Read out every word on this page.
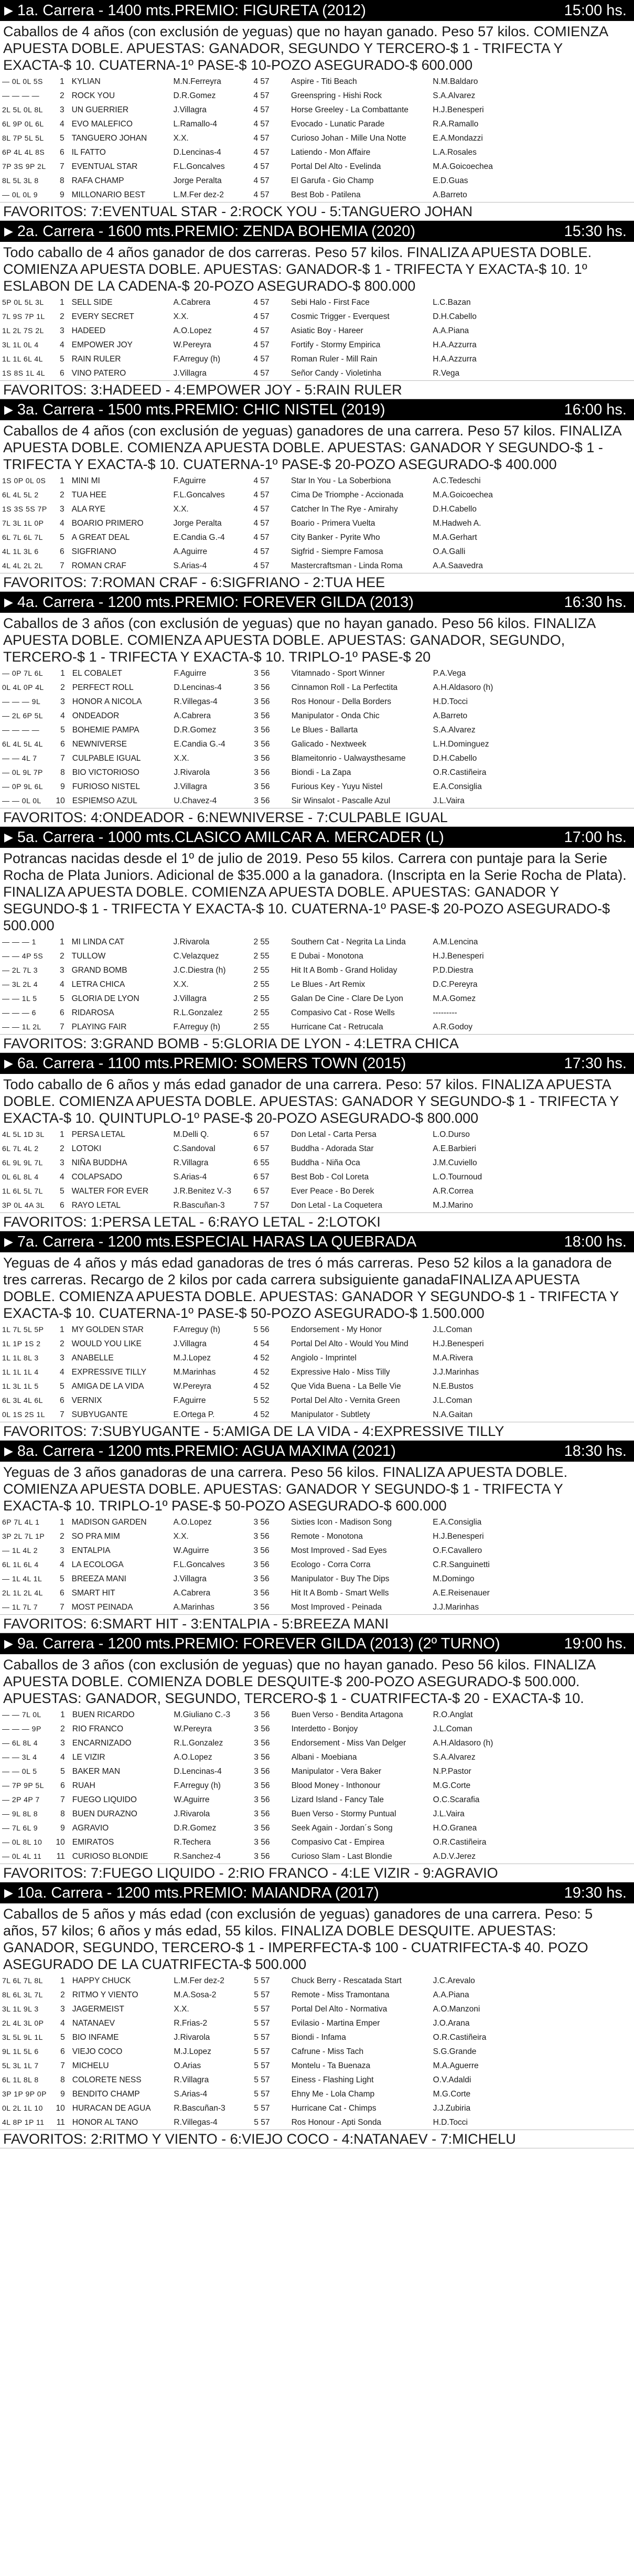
▶ 1a. Carrera - 1400 mts.PREMIO: FIGURETA (2012)	15:00 hs.
Caballos de 4 años (con exclusión de yeguas) que no hayan ganado. Peso 57 kilos. COMIENZA APUESTA DOBLE. APUESTAS: GANADOR, SEGUNDO Y TERCERO-$ 1 - TRIFECTA Y EXACTA-$ 10. CUATERNA-1º PASE-$ 10-POZO ASEGURADO-$ 600.000
— 0L 0L 5S	1	KYLIAN	M.N.Ferreyra	4 57	Aspire - Titi Beach	N.M.Baldaro
— — — —	2	ROCK YOU	D.R.Gomez	4 57	Greenspring - Hishi Rock	S.A.Alvarez
2L 5L 0L 8L	3	UN GUERRIER	J.Villagra	4 57	Horse Greeley - La Combattante	H.J.Benesperi
6L 9P 0L 6L	4	EVO MALEFICO	L.Ramallo-4	4 57	Evocado - Lunatic Parade	R.A.Ramallo
8L 7P 5L 5L	5	TANGUERO JOHAN	X.X.	4 57	Curioso Johan - Mille Una Notte	E.A.Mondazzi
6P 4L 4L 8S	6	IL FATTO	D.Lencinas-4	4 57	Latiendo - Mon Affaire	L.A.Rosales
7P 3S 9P 2L	7	EVENTUAL STAR	F.L.Goncalves	4 57	Portal Del Alto - Evelinda	M.A.Goicoechea
8L 5L 3L 8	8	RAFA CHAMP	Jorge Peralta	4 57	El Garufa - Gio Champ	E.D.Guas
— 0L 0L 9	9	MILLONARIO BEST	L.M.Fer dez-2	4 57	Best Bob - Patilena	A.Barreto
FAVORITOS: 7:EVENTUAL STAR - 2:ROCK YOU - 5:TANGUERO JOHAN
▶ 2a. Carrera - 1600 mts.PREMIO: ZENDA BOHEMIA (2020)	15:30 hs.
Todo caballo de 4 años ganador de dos carreras. Peso 57 kilos. FINALIZA APUESTA DOBLE. COMIENZA APUESTA DOBLE. APUESTAS: GANADOR-$ 1 - TRIFECTA Y EXACTA-$ 10. 1º ESLABON DE LA CADENA-$ 20-POZO ASEGURADO-$ 800.000
5P 0L 5L 3L	1	SELL SIDE	A.Cabrera	4 57	Sebi Halo - First Face	L.C.Bazan
7L 9S 7P 1L	2	EVERY SECRET	X.X.	4 57	Cosmic Trigger - Everquest	D.H.Cabello
1L 2L 7S 2L	3	HADEED	A.O.Lopez	4 57	Asiatic Boy - Hareer	A.A.Piana
3L 1L 0L 4	4	EMPOWER JOY	W.Pereyra	4 57	Fortify - Stormy Empirica	H.A.Azzurra
1L 1L 6L 4L	5	RAIN RULER	F.Arreguy (h)	4 57	Roman Ruler - Mill Rain	H.A.Azzurra
1S 8S 1L 4L	6	VINO PATERO	J.Villagra	4 57	Señor Candy - Violetinha	R.Vega
FAVORITOS: 3:HADEED - 4:EMPOWER JOY - 5:RAIN RULER
▶ 3a. Carrera - 1500 mts.PREMIO: CHIC NISTEL (2019)	16:00 hs.
Caballos de 4 años (con exclusión de yeguas) ganadores de una carrera. Peso 57 kilos. FINALIZA APUESTA DOBLE. COMIENZA APUESTA DOBLE. APUESTAS: GANADOR Y SEGUNDO-$ 1 - TRIFECTA Y EXACTA-$ 10. CUATERNA-1º PASE-$ 20-POZO ASEGURADO-$ 400.000
1S 0P 0L 0S	1	MINI MI	F.Aguirre	4 57	Star In You - La Soberbiona	A.C.Tedeschi
6L 4L 5L 2	2	TUA HEE	F.L.Goncalves	4 57	Cima De Triomphe - Accionada	M.A.Goicoechea
1S 3S 5S 7P	3	ALA RYE	X.X.	4 57	Catcher In The Rye - Amirahy	D.H.Cabello
7L 3L 1L 0P	4	BOARIO PRIMERO	Jorge Peralta	4 57	Boario - Primera Vuelta	M.Hadweh A.
6L 7L 6L 7L	5	A GREAT DEAL	E.Candia G.-4	4 57	City Banker - Pyrite Who	M.A.Gerhart
4L 1L 3L 6	6	SIGFRIANO	A.Aguirre	4 57	Sigfrid - Siempre Famosa	O.A.Galli
4L 4L 2L 2L	7	ROMAN CRAF	S.Arias-4	4 57	Mastercraftsman - Linda Roma	A.A.Saavedra
FAVORITOS: 7:ROMAN CRAF - 6:SIGFRIANO - 2:TUA HEE
▶ 4a. Carrera - 1200 mts.PREMIO: FOREVER GILDA (2013)	16:30 hs.
Caballos de 3 años (con exclusión de yeguas) que no hayan ganado. Peso 56 kilos. FINALIZA APUESTA DOBLE. COMIENZA APUESTA DOBLE. APUESTAS: GANADOR, SEGUNDO, TERCERO-$ 1 - TRIFECTA Y EXACTA-$ 10. TRIPLO-1º PASE-$ 20
— 0P 7L 6L	1	EL COBALET	F.Aguirre	3 56	Vitamnado - Sport Winner	P.A.Vega
0L 4L 0P 4L	2	PERFECT ROLL	D.Lencinas-4	3 56	Cinnamon Roll - La Perfectita	A.H.Aldasoro (h)
— — — 9L	3	HONOR A NICOLA	R.Villegas-4	3 56	Ros Honour - Della Borders	H.D.Tocci
— 2L 6P 5L	4	ONDEADOR	A.Cabrera	3 56	Manipulator - Onda Chic	A.Barreto
— — — —	5	BOHEMIE PAMPA	D.R.Gomez	3 56	Le Blues - Ballarta	S.A.Alvarez
6L 4L 5L 4L	6	NEWNIVERSE	E.Candia G.-4	3 56	Galicado - Nextweek	L.H.Dominguez
— — 4L 7	7	CULPABLE IGUAL	X.X.	3 56	Blameitonrio - Ualwaysthesame	D.H.Cabello
— 0L 9L 7P	8	BIO VICTORIOSO	J.Rivarola	3 56	Biondi - La Zapa	O.R.Castiñeira
— 0P 9L 6L	9	FURIOSO NISTEL	J.Villagra	3 56	Furious Key - Yuyu Nistel	E.A.Consiglia
— — 0L 0L	10	ESPIEMSO AZUL	U.Chavez-4	3 56	Sir Winsalot - Pascalle Azul	J.L.Vaira
FAVORITOS: 4:ONDEADOR - 6:NEWNIVERSE - 7:CULPABLE IGUAL
▶ 5a. Carrera - 1000 mts.CLASICO AMILCAR A. MERCADER (L)	17:00 hs.
Potrancas nacidas desde el 1º de julio de 2019. Peso 55 kilos. Carrera con puntaje para la Serie Rocha de Plata Juniors. Adicional de $35.000 a la ganadora. (Inscripta en la Serie Rocha de Plata). FINALIZA APUESTA DOBLE. COMIENZA APUESTA DOBLE. APUESTAS: GANADOR Y SEGUNDO-$ 1 - TRIFECTA Y EXACTA-$ 10. CUATERNA-1º PASE-$ 20-POZO ASEGURADO-$ 500.000
— — — 1	1	MI LINDA CAT	J.Rivarola	2 55	Southern Cat - Negrita La Linda	A.M.Lencina
— — 4P 5S	2	TULLOW	C.Velazquez	2 55	E Dubai - Monotona	H.J.Benesperi
— 2L 7L 3	3	GRAND BOMB	J.C.Diestra (h)	2 55	Hit It A Bomb - Grand Holiday	P.D.Diestra
— 3L 2L 4	4	LETRA CHICA	X.X.	2 55	Le Blues - Art Remix	D.C.Pereyra
— — 1L 5	5	GLORIA DE LYON	J.Villagra	2 55	Galan De Cine - Clare De Lyon	M.A.Gomez
— — — 6	6	RIDAROSA	R.L.Gonzalez	2 55	Compasivo Cat - Rose Wells	---------
— — 1L 2L	7	PLAYING FAIR	F.Arreguy (h)	2 55	Hurricane Cat - Retrucala	A.R.Godoy
FAVORITOS: 3:GRAND BOMB - 5:GLORIA DE LYON - 4:LETRA CHICA
▶ 6a. Carrera - 1100 mts.PREMIO: SOMERS TOWN (2015)	17:30 hs.
Todo caballo de 6 años y más edad ganador de una carrera. Peso: 57 kilos. FINALIZA APUESTA DOBLE. COMIENZA APUESTA DOBLE. APUESTAS: GANADOR Y SEGUNDO-$ 1 - TRIFECTA Y EXACTA-$ 10. QUINTUPLO-1º PASE-$ 20-POZO ASEGURADO-$ 800.000
4L 5L 1D 3L	1	PERSA LETAL	M.Delli Q.	6 57	Don Letal - Carta Persa	L.O.Durso
6L 7L 4L 2	2	LOTOKI	C.Sandoval	6 57	Buddha - Adorada Star	A.E.Barbieri
6L 9L 9L 7L	3	NIÑA BUDDHA	R.Villagra	6 55	Buddha - Niña Oca	J.M.Cuviello
0L 6L 8L 4	4	COLAPSADO	S.Arias-4	6 57	Best Bob - Col Loreta	L.O.Tournoud
1L 6L 5L 7L	5	WALTER FOR EVER	J.R.Benitez V.-3	6 57	Ever Peace - Bo Derek	A.R.Correa
3P 0L 4A 3L	6	RAYO LETAL	R.Bascuñan-3	7 57	Don Letal - La Coquetera	M.J.Marino
FAVORITOS: 1:PERSA LETAL - 6:RAYO LETAL - 2:LOTOKI
▶ 7a. Carrera - 1200 mts.ESPECIAL HARAS LA QUEBRADA	18:00 hs.
Yeguas de 4 años y más edad ganadoras de tres ó más carreras. Peso 52 kilos a la ganadora de tres carreras. Recargo de 2 kilos por cada carrera subsiguiente ganadaFINALIZA APUESTA DOBLE. COMIENZA APUESTA DOBLE. APUESTAS: GANADOR Y SEGUNDO-$ 1 - TRIFECTA Y EXACTA-$ 10. CUATERNA-1º PASE-$ 50-POZO ASEGURADO-$ 1.500.000
1L 7L 5L 5P	1	MY GOLDEN STAR	F.Arreguy (h)	5 56	Endorsement - My Honor	J.L.Coman
1L 1P 1S 2	2	WOULD YOU LIKE	J.Villagra	4 54	Portal Del Alto - Would You Mind	H.J.Benesperi
1L 1L 8L 3	3	ANABELLE	M.J.Lopez	4 52	Angiolo - Imprintel	M.A.Rivera
1L 1L 1L 4	4	EXPRESSIVE TILLY	M.Marinhas	4 52	Expressive Halo - Miss Tilly	J.J.Marinhas
1L 3L 1L 5	5	AMIGA DE LA VIDA	W.Pereyra	4 52	Que Vida Buena - La Belle Vie	N.E.Bustos
6L 3L 4L 6L	6	VERNIX	F.Aguirre	5 52	Portal Del Alto - Vernita Green	J.L.Coman
0L 1S 2S 1L	7	SUBYUGANTE	E.Ortega P.	4 52	Manipulator - Subtlety	N.A.Gaitan
FAVORITOS: 7:SUBYUGANTE - 5:AMIGA DE LA VIDA - 4:EXPRESSIVE TILLY
▶ 8a. Carrera - 1200 mts.PREMIO: AGUA MAXIMA (2021)	18:30 hs.
Yeguas de 3 años ganadoras de una carrera. Peso 56 kilos. FINALIZA APUESTA DOBLE. COMIENZA APUESTA DOBLE. APUESTAS: GANADOR Y SEGUNDO-$ 1 - TRIFECTA Y EXACTA-$ 10. TRIPLO-1º PASE-$ 50-POZO ASEGURADO-$ 600.000
6P 7L 4L 1	1	MADISON GARDEN	A.O.Lopez	3 56	Sixties Icon - Madison Song	E.A.Consiglia
3P 2L 7L 1P	2	SO PRA MIM	X.X.	3 56	Remote - Monotona	H.J.Benesperi
— 1L 4L 2	3	ENTALPIA	W.Aguirre	3 56	Most Improved - Sad Eyes	O.F.Cavallero
6L 1L 6L 4	4	LA ECOLOGA	F.L.Goncalves	3 56	Ecologo - Corra Corra	C.R.Sanguinetti
— 1L 4L 1L	5	BREEZA MANI	J.Villagra	3 56	Manipulator - Buy The Dips	M.Domingo
2L 1L 2L 4L	6	SMART HIT	A.Cabrera	3 56	Hit It A Bomb - Smart Wells	A.E.Reisenauer
— 1L 7L 7	7	MOST PEINADA	A.Marinhas	3 56	Most Improved - Peinada	J.J.Marinhas
FAVORITOS: 6:SMART HIT - 3:ENTALPIA - 5:BREEZA MANI
▶ 9a. Carrera - 1200 mts.PREMIO: FOREVER GILDA (2013) (2º TURNO)	19:00 hs.
Caballos de 3 años (con exclusión de yeguas) que no hayan ganado. Peso 56 kilos. FINALIZA APUESTA DOBLE. COMIENZA DOBLE DESQUITE-$ 200-POZO ASEGURADO-$ 500.000. APUESTAS: GANADOR, SEGUNDO, TERCERO-$ 1 - CUATRIFECTA-$ 20 - EXACTA-$ 10.
— — 7L 0L	1	BUEN RICARDO	M.Giuliano C.-3	3 56	Buen Verso - Bendita Artagona	R.O.Anglat
— — — 9P	2	RIO FRANCO	W.Pereyra	3 56	Interdetto - Bonjoy	J.L.Coman
— 6L 8L 4	3	ENCARNIZADO	R.L.Gonzalez	3 56	Endorsement - Miss Van Delger	A.H.Aldasoro (h)
— — 3L 4	4	LE VIZIR	A.O.Lopez	3 56	Albani - Moebiana	S.A.Alvarez
— — 0L 5	5	BAKER MAN	D.Lencinas-4	3 56	Manipulator - Vera Baker	N.P.Pastor
— 7P 9P 5L	6	RUAH	F.Arreguy (h)	3 56	Blood Money - Inthonour	M.G.Corte
— 2P 4P 7	7	FUEGO LIQUIDO	W.Aguirre	3 56	Lizard Island - Fancy Tale	O.C.Scarafia
— 9L 8L 8	8	BUEN DURAZNO	J.Rivarola	3 56	Buen Verso - Stormy Puntual	J.L.Vaira
— 7L 6L 9	9	AGRAVIO	D.R.Gomez	3 56	Seek Again - Jordan´s Song	H.O.Granea
— 0L 8L 10	10	EMIRATOS	R.Techera	3 56	Compasivo Cat - Empirea	O.R.Castiñeira
— 0L 4L 11	11	CURIOSO BLONDIE	R.Sanchez-4	3 56	Curioso Slam - Last Blondie	A.D.V.Jerez
FAVORITOS: 7:FUEGO LIQUIDO - 2:RIO FRANCO - 4:LE VIZIR - 9:AGRAVIO
▶ 10a. Carrera - 1200 mts.PREMIO: MAIANDRA (2017)	19:30 hs.
Caballos de 5 años y más edad (con exclusión de yeguas) ganadores de una carrera. Peso: 5 años, 57 kilos; 6 años y más edad, 55 kilos. FINALIZA DOBLE DESQUITE. APUESTAS: GANADOR, SEGUNDO, TERCERO-$ 1 - IMPERFECTA-$ 100 - CUATRIFECTA-$ 40. POZO ASEGURADO DE LA CUATRIFECTA-$ 500.000
7L 6L 7L 8L	1	HAPPY CHUCK	L.M.Fer dez-2	5 57	Chuck Berry - Rescatada Start	J.C.Arevalo
8L 6L 3L 7L	2	RITMO Y VIENTO	M.A.Sosa-2	5 57	Remote - Miss Tramontana	A.A.Piana
3L 1L 9L 3	3	JAGERMEIST	X.X.	5 57	Portal Del Alto - Normativa	A.O.Manzoni
2L 4L 3L 0P	4	NATANAEV	R.Frias-2	5 57	Evilasio - Martina Emper	J.O.Arana
3L 5L 9L 1L	5	BIO INFAME	J.Rivarola	5 57	Biondi - Infama	O.R.Castiñeira
9L 1L 5L 6	6	VIEJO COCO	M.J.Lopez	5 57	Cafrune - Miss Tach	S.G.Grande
5L 3L 1L 7	7	MICHELU	O.Arias	5 57	Montelu - Ta Buenaza	M.A.Aguerre
6L 1L 8L 8	8	COLORETE NESS	R.Villagra	5 57	Einess - Flashing Light	O.V.Adaldi
3P 1P 9P 0P	9	BENDITO CHAMP	S.Arias-4	5 57	Ehny Me - Lola Champ	M.G.Corte
0L 2L 1L 10	10	HURACAN DE AGUA	R.Bascuñan-3	5 57	Hurricane Cat - Chimps	J.J.Zubiria
4L 8P 1P 11	11	HONOR AL TANO	R.Villegas-4	5 57	Ros Honour - Apti Sonda	H.D.Tocci
FAVORITOS: 2:RITMO Y VIENTO - 6:VIEJO COCO - 4:NATANAEV - 7:MICHELU
